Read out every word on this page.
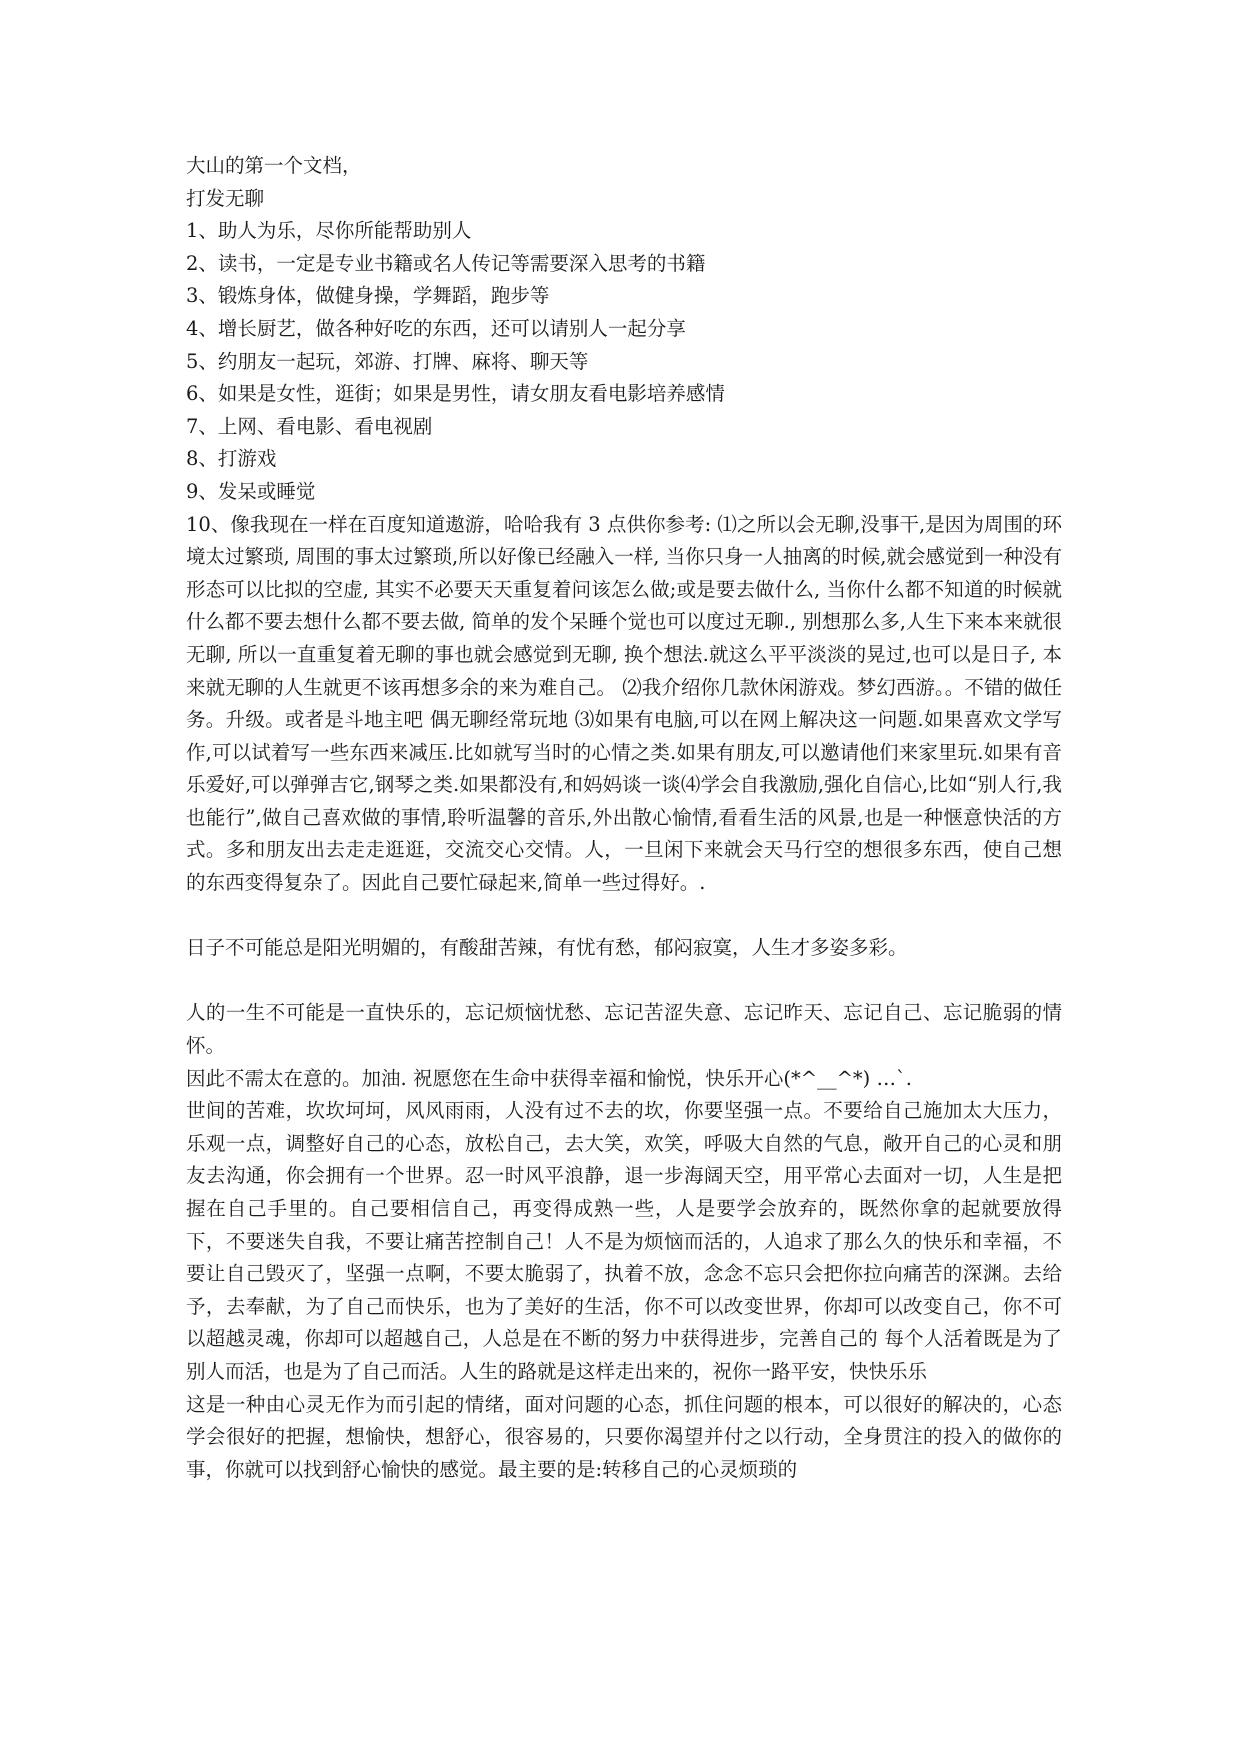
大山的第一个文档，

打发无聊

1、助人为乐，尽你所能帮助别人

2、读书，一定是专业书籍或名人传记等需要深入思考的书籍

3、锻炼身体，做健身操，学舞蹈，跑步等

4、增长厨艺，做各种好吃的东西，还可以请别人一起分享

5、约朋友一起玩，郊游、打牌、麻将、聊天等

6、如果是女性，逛街；如果是男性，请女朋友看电影培养感情

7、上网、看电影、看电视剧

8、打游戏

9、发呆或睡觉

10、像我现在一样在百度知道遨游，哈哈我有 3 点供你参考: ⑴之所以会无聊,没事干,是因为周围的环境太过繁琐, 周围的事太过繁琐,所以好像已经融入一样, 当你只身一人抽离的时候,就会感觉到一种没有形态可以比拟的空虚, 其实不必要天天重复着问该怎么做;或是要去做什么, 当你什么都不知道的时候就什么都不要去想什么都不要去做, 简单的发个呆睡个觉也可以度过无聊., 别想那么多,人生下来本来就很无聊, 所以一直重复着无聊的事也就会感觉到无聊, 换个想法.就这么平平淡淡的晃过,也可以是日子, 本来就无聊的人生就更不该再想多余的来为难自己。 ⑵我介绍你几款休闲游戏。梦幻西游。。不错的做任务。升级。或者是斗地主吧 偶无聊经常玩地 ⑶如果有电脑,可以在网上解决这一问题.如果喜欢文学写作,可以试着写一些东西来减压.比如就写当时的心情之类.如果有朋友,可以邀请他们来家里玩.如果有音乐爱好,可以弹弹吉它,钢琴之类.如果都没有,和妈妈谈一谈⑷学会自我激励,强化自信心,比如“别人行,我也能行”,做自己喜欢做的事情,聆听温馨的音乐,外出散心愉情,看看生活的风景,也是一种惬意快活的方式。多和朋友出去走走逛逛，交流交心交情。人，一旦闲下来就会天马行空的想很多东西，使自己想的东西变得复杂了。因此自己要忙碌起来,简单一些过得好。.

日子不可能总是阳光明媚的，有酸甜苦辣，有忧有愁，郁闷寂寞，人生才多姿多彩。

人的一生不可能是一直快乐的，忘记烦恼忧愁、忘记苦涩失意、忘记昨天、忘记自己、忘记脆弱的情怀。

因此不需太在意的。加油. 祝愿您在生命中获得幸福和愉悦，快乐开心(*^__^*) …`.

世间的苦难，坎坎坷坷，风风雨雨，人没有过不去的坎，你要坚强一点。不要给自己施加太大压力，乐观一点，调整好自己的心态，放松自己，去大笑，欢笑，呼吸大自然的气息，敞开自己的心灵和朋友去沟通，你会拥有一个世界。忍一时风平浪静，退一步海阔天空，用平常心去面对一切，人生是把握在自己手里的。自己要相信自己，再变得成熟一些，人是要学会放弃的，既然你拿的起就要放得下，不要迷失自我，不要让痛苦控制自己！人不是为烦恼而活的，人追求了那么久的快乐和幸福，不要让自己毁灭了，坚强一点啊，不要太脆弱了，执着不放，念念不忘只会把你拉向痛苦的深渊。去给予，去奉献，为了自己而快乐，也为了美好的生活，你不可以改变世界，你却可以改变自己，你不可以超越灵魂，你却可以超越自己，人总是在不断的努力中获得进步，完善自己的 每个人活着既是为了别人而活，也是为了自己而活。人生的路就是这样走出来的，祝你一路平安，快快乐乐

这是一种由心灵无作为而引起的情绪，面对问题的心态，抓住问题的根本，可以很好的解决的，心态学会很好的把握，想愉快，想舒心，很容易的，只要你渴望并付之以行动，全身贯注的投入的做你的事，你就可以找到舒心愉快的感觉。最主要的是:转移自己的心灵烦琐的
